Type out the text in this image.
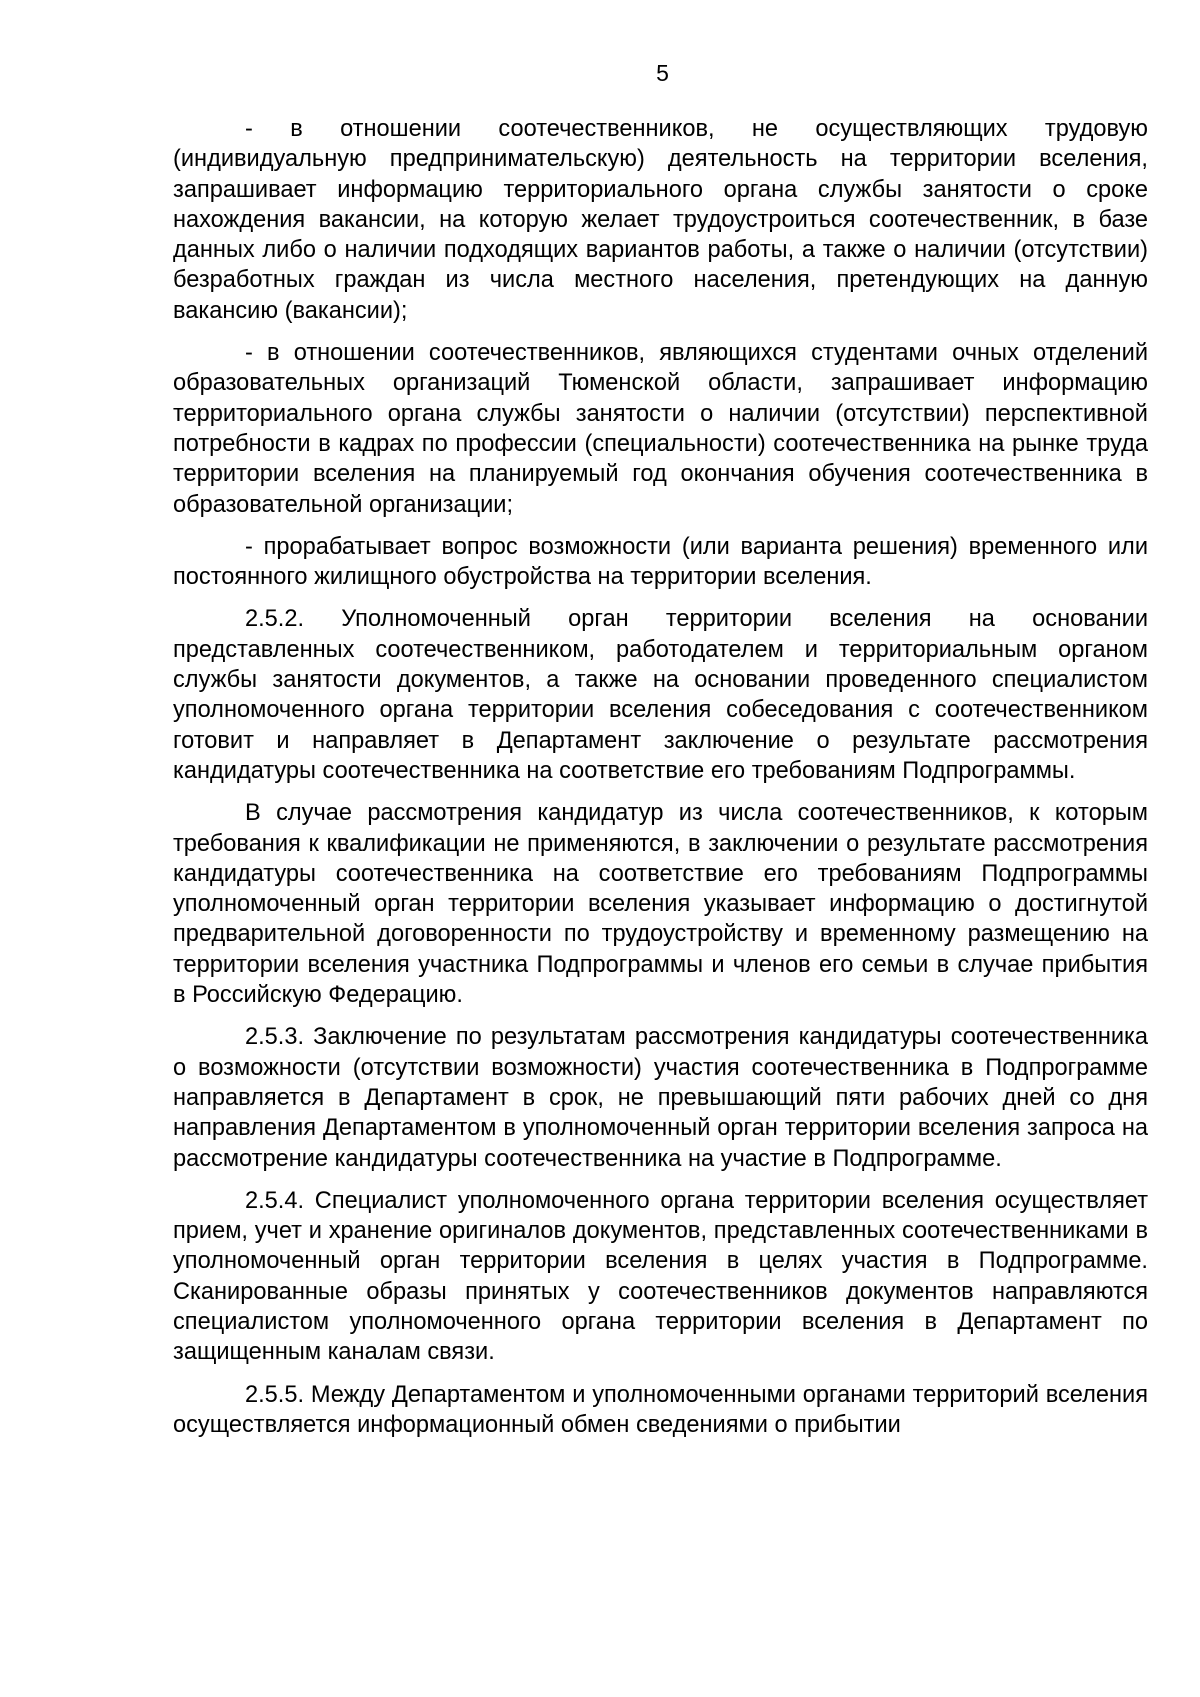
5

- в отношении соотечественников, не осуществляющих трудовую (индивидуальную предпринимательскую) деятельность на территории вселения, запрашивает информацию территориального органа службы занятости о сроке нахождения вакансии, на которую желает трудоустроиться соотечественник, в базе данных либо о наличии подходящих вариантов работы, а также о наличии (отсутствии) безработных граждан из числа местного населения, претендующих на данную вакансию (вакансии);

- в отношении соотечественников, являющихся студентами очных отделений образовательных организаций Тюменской области, запрашивает информацию территориального органа службы занятости о наличии (отсутствии) перспективной потребности в кадрах по профессии (специальности) соотечественника на рынке труда территории вселения на планируемый год окончания обучения соотечественника в образовательной организации;

- прорабатывает вопрос возможности (или варианта решения) временного или постоянного жилищного обустройства на территории вселения.

2.5.2. Уполномоченный орган территории вселения на основании представленных соотечественником, работодателем и территориальным органом службы занятости документов, а также на основании проведенного специалистом уполномоченного органа территории вселения собеседования с соотечественником готовит и направляет в Департамент заключение о результате рассмотрения кандидатуры соотечественника на соответствие его требованиям Подпрограммы.

В случае рассмотрения кандидатур из числа соотечественников, к которым требования к квалификации не применяются, в заключении о результате рассмотрения кандидатуры соотечественника на соответствие его требованиям Подпрограммы уполномоченный орган территории вселения указывает информацию о достигнутой предварительной договоренности по трудоустройству и временному размещению на территории вселения участника Подпрограммы и членов его семьи в случае прибытия в Российскую Федерацию.

2.5.3. Заключение по результатам рассмотрения кандидатуры соотечественника о возможности (отсутствии возможности) участия соотечественника в Подпрограмме направляется в Департамент в срок, не превышающий пяти рабочих дней со дня направления Департаментом в уполномоченный орган территории вселения запроса на рассмотрение кандидатуры соотечественника на участие в Подпрограмме.

2.5.4. Специалист уполномоченного органа территории вселения осуществляет прием, учет и хранение оригиналов документов, представленных соотечественниками в уполномоченный орган территории вселения в целях участия в Подпрограмме. Сканированные образы принятых у соотечественников документов направляются специалистом уполномоченного органа территории вселения в Департамент по защищенным каналам связи.

2.5.5. Между Департаментом и уполномоченными органами территорий вселения осуществляется информационный обмен сведениями о прибытии
